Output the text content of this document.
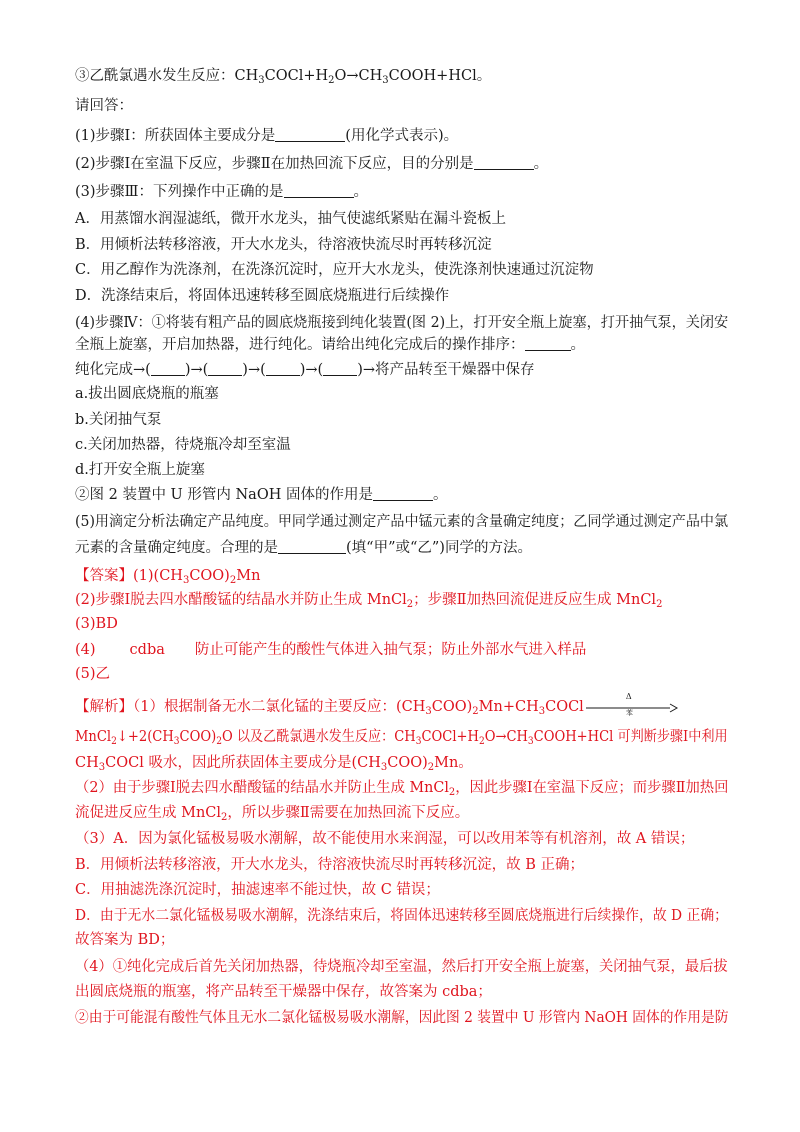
③乙酰氯遇水发生反应：$CH_3COCl+H_2O\to CH_3COOH+HCl$。
请回答：
(1)步骤Ⅰ：所获固体主要成分是	(用化学式表示)。
(2)步骤Ⅰ在室温下反应，步骤Ⅱ在加热回流下反应，目的分别是	。
(3)步骤Ⅲ：下列操作中正确的是	。
A．用蒸馏水润湿滤纸，微开水龙头，抽气使滤纸紧贴在漏斗瓷板上
B．用倾析法转移溶液，开大水龙头，待溶液快流尽时再转移沉淀
C．用乙醇作为洗涤剂，在洗涤沉淀时，应开大水龙头，使洗涤剂快速通过沉淀物
D．洗涤结束后，将固体迅速转移至圆底烧瓶进行后续操作
(4)步骤Ⅳ：①将装有粗产品的圆底烧瓶接到纯化装置(图 2)上，打开安全瓶上旋塞，打开抽气泵，关闭安
全瓶上旋塞，开启加热器，进行纯化。请给出纯化完成后的操作排序：	。
纯化完成→( )→( )→( )→( )→将产品转至干燥器中保存
a.拔出圆底烧瓶的瓶塞
b.关闭抽气泵
c.关闭加热器，待烧瓶冷却至室温
d.打开安全瓶上旋塞
②图 2 装置中 U 形管内 NaOH 固体的作用是	。
(5)用滴定分析法确定产品纯度。甲同学通过测定产品中锰元素的含量确定纯度；乙同学通过测定产品中氯
元素的含量确定纯度。合理的是	(填“甲”或“乙”)同学的方法。
【答案】$(1)(CH_3COO)_2Mn$
(2)步骤Ⅰ脱去四水醋酸锰的结晶水并防止生成 MnCl$_2$；步骤Ⅱ加热回流促进反应生成 MnCl$_2$
(3)BD
(4) cdba 防止可能产生的酸性气体进入抽气泵；防止外部水气进入样品
(5)乙
【解析】（1）根据制备无水二氯化锰的主要反应：$(CH_3COO)_2Mn+CH_3COCl$
Δ
苯
$MnCl_2↓+2(CH_3COO)_2O$ 以及乙酰氯遇水发生反应：$CH_3COCl+H_2O\to CH_3COOH+HCl$ 可判断步骤Ⅰ中利用
$CH_3COCl$ 吸水，因此所获固体主要成分是$(CH_3COO)_2Mn$。
（2）由于步骤Ⅰ脱去四水醋酸锰的结晶水并防止生成 MnCl$_2$，因此步骤Ⅰ在室温下反应；而步骤Ⅱ加热回
流促进反应生成 MnCl$_2$，所以步骤Ⅱ需要在加热回流下反应。
（3）A．因为氯化锰极易吸水潮解，故不能使用水来润湿，可以改用苯等有机溶剂，故 A 错误；
B．用倾析法转移溶液，开大水龙头，待溶液快流尽时再转移沉淀，故 B 正确；
C．用抽滤洗涤沉淀时，抽滤速率不能过快，故 C 错误；
D．由于无水二氯化锰极易吸水潮解，洗涤结束后，将固体迅速转移至圆底烧瓶进行后续操作，故 D 正确；
故答案为 BD；
（4）①纯化完成后首先关闭加热器，待烧瓶冷却至室温，然后打开安全瓶上旋塞，关闭抽气泵，最后拔
出圆底烧瓶的瓶塞，将产品转至干燥器中保存，故答案为 cdba；
②由于可能混有酸性气体且无水二氯化锰极易吸水潮解，因此图 2 装置中 U 形管内 NaOH 固体的作用是防
